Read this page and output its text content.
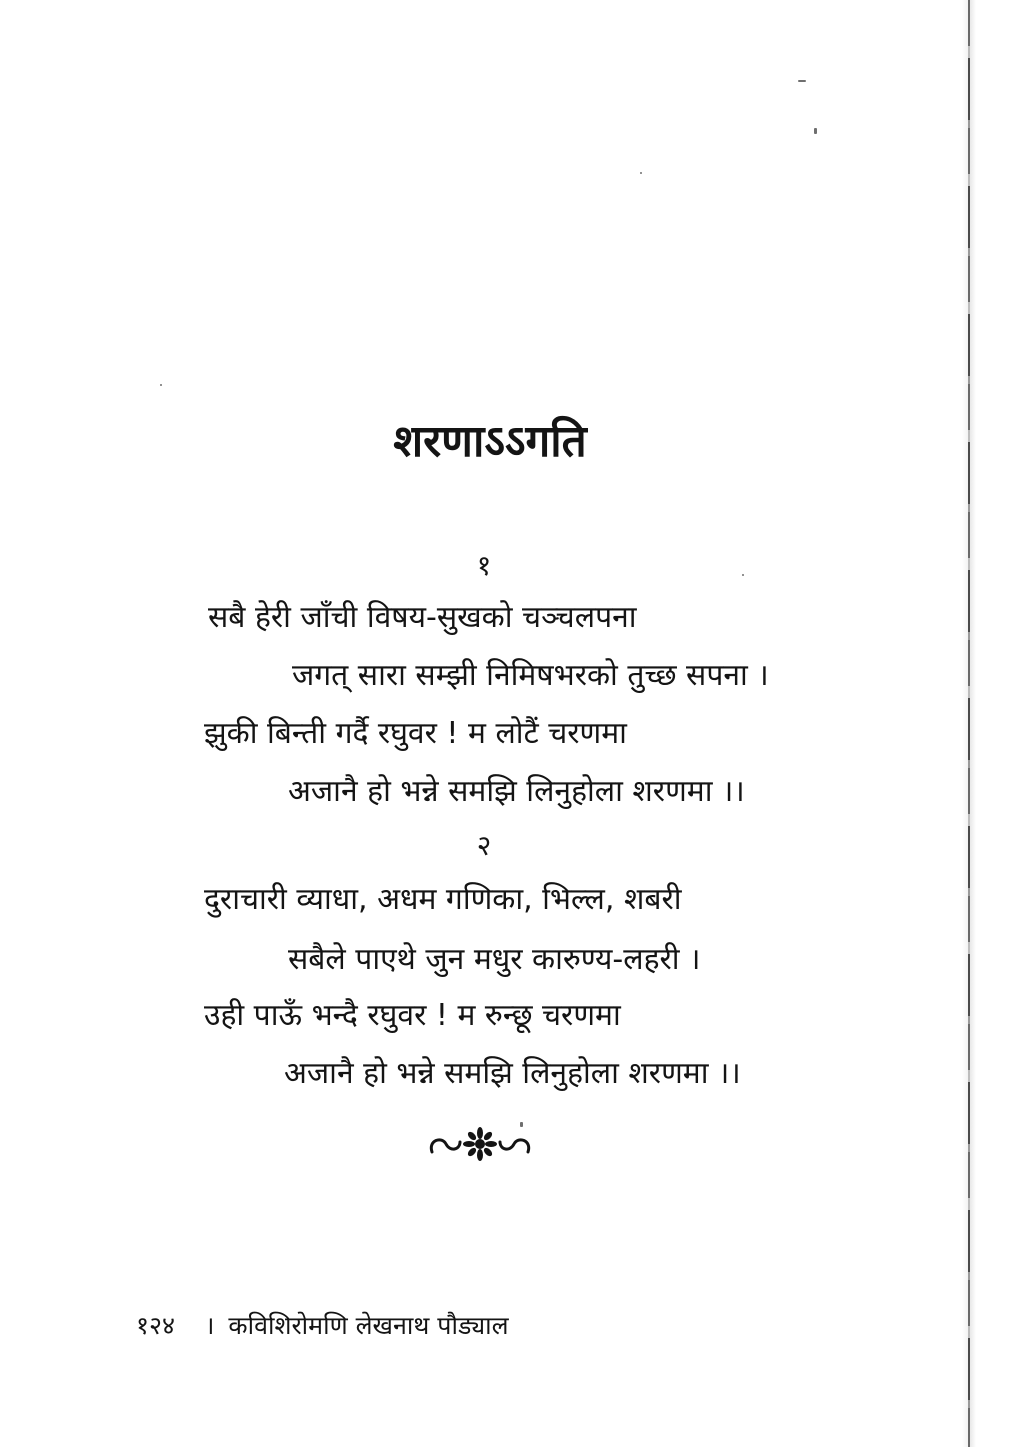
शरणाऽऽगति
१
सबै हेरी जाँची विषय-सुखको चञ्चलपना
जगत् सारा सम्झी निमिषभरको तुच्छ सपना ।
झुकी बिन्ती गर्दै रघुवर ! म लोटैं चरणमा
अजानै हो भन्ने समझि लिनुहोला शरणमा ।।
२
दुराचारी व्याधा, अधम गणिका, भिल्ल, शबरी
सबैले पाएथे जुन मधुर कारुण्य-लहरी ।
उही पाऊँ भन्दै रघुवर ! म रुन्छू चरणमा
अजानै हो भन्ने समझि लिनुहोला शरणमा ।।
१२४ । कविशिरोमणि लेखनाथ पौड्याल
